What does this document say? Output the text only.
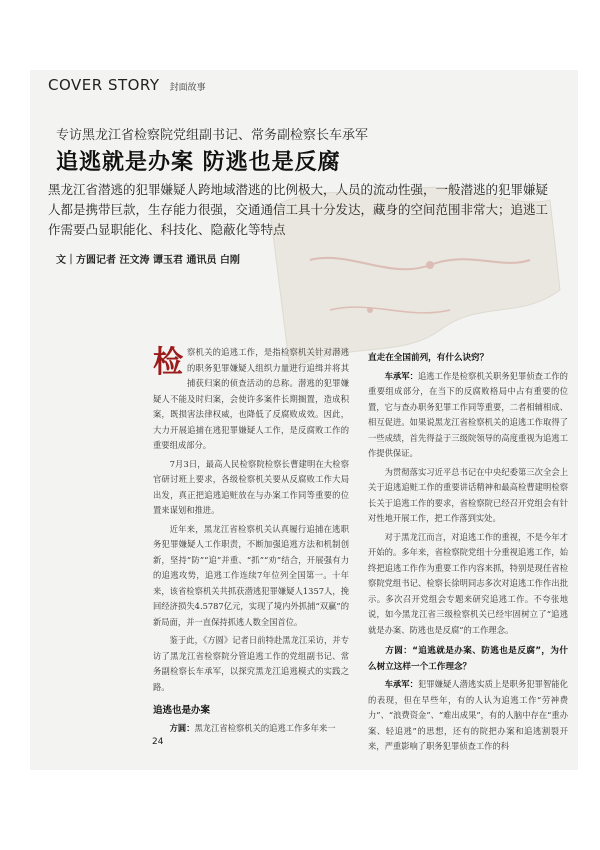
COVER STORY 封面故事
专访黑龙江省检察院党组副书记、常务副检察长车承军
追逃就是办案 防逃也是反腐
黑龙江省潜逃的犯罪嫌疑人跨地域潜逃的比例极大，人员的流动性强，一般潜逃的犯罪嫌疑人都是携带巨款，生存能力很强，交通通信工具十分发达，藏身的空间范围非常大；追逃工作需要凸显职能化、科技化、隐蔽化等特点
文｜方圆记者 汪文涛 谭玉君 通讯员 白刚

检察机关的追逃工作，是指检察机关针对潜逃的职务犯罪嫌疑人组织力量进行追缉并将其捕获归案的侦查活动的总称。潜逃的犯罪嫌疑人不能及时归案，会使许多案件长期搁置，造成积案，既损害法律权威，也降低了反腐败成效。因此，大力开展追捕在逃犯罪嫌疑人工作，是反腐败工作的重要组成部分。

7月3日，最高人民检察院检察长曹建明在大检察官研讨班上要求，各级检察机关要从反腐败工作大局出发，真正把追逃追赃放在与办案工作同等重要的位置来谋划和推进。

近年来，黑龙江省检察机关认真履行追捕在逃职务犯罪嫌疑人工作职责，不断加强追逃方法和机制创新，坚持“防”“追”并重、“抓”“劝”结合，开展强有力的追逃攻势，追逃工作连续7年位列全国第一。十年来，该省检察机关共抓获潜逃犯罪嫌疑人1357人，挽回经济损失4.5787亿元，实现了境内外抓捕“双赢”的新局面，并一直保持抓逃人数全国首位。

鉴于此，《方圆》记者日前特赴黑龙江采访，并专访了黑龙江省检察院分管追逃工作的党组副书记、常务副检察长车承军，以探究黑龙江追逃模式的实践之路。

追逃也是办案

方圆：黑龙江省检察机关的追逃工作多年来一

直走在全国前列，有什么诀窍？

车承军：追逃工作是检察机关职务犯罪侦查工作的重要组成部分，在当下的反腐败格局中占有重要的位置，它与查办职务犯罪工作同等重要，二者相辅相成、相互促进。如果说黑龙江省检察机关的追逃工作取得了一些成绩，首先得益于三级院领导的高度重视为追逃工作提供保证。

为贯彻落实习近平总书记在中央纪委第三次全会上关于追逃追赃工作的重要讲话精神和最高检曹建明检察长关于追逃工作的要求，省检察院已经召开党组会有针对性地开展工作，把工作落到实处。

对于黑龙江而言，对追逃工作的重视，不是今年才开始的。多年来，省检察院党组十分重视追逃工作，始终把追逃工作作为重要工作内容来抓，特别是现任省检察院党组书记、检察长徐明同志多次对追逃工作作出批示。多次召开党组会专题来研究追逃工作。不夸张地说，如今黑龙江省三级检察机关已经牢固树立了“追逃就是办案、防逃也是反腐”的工作理念。

方圆：“追逃就是办案、防逃也是反腐”，为什么树立这样一个工作理念？

车承军：犯罪嫌疑人潜逃实质上是职务犯罪智能化的表现，但在早些年，有的人认为追逃工作“劳神费力”、“浪费资金”、“难出成果”，有的人脑中存在“重办案、轻追逃”的思想，还有的院把办案和追逃割裂开来，严重影响了职务犯罪侦查工作的科

24
